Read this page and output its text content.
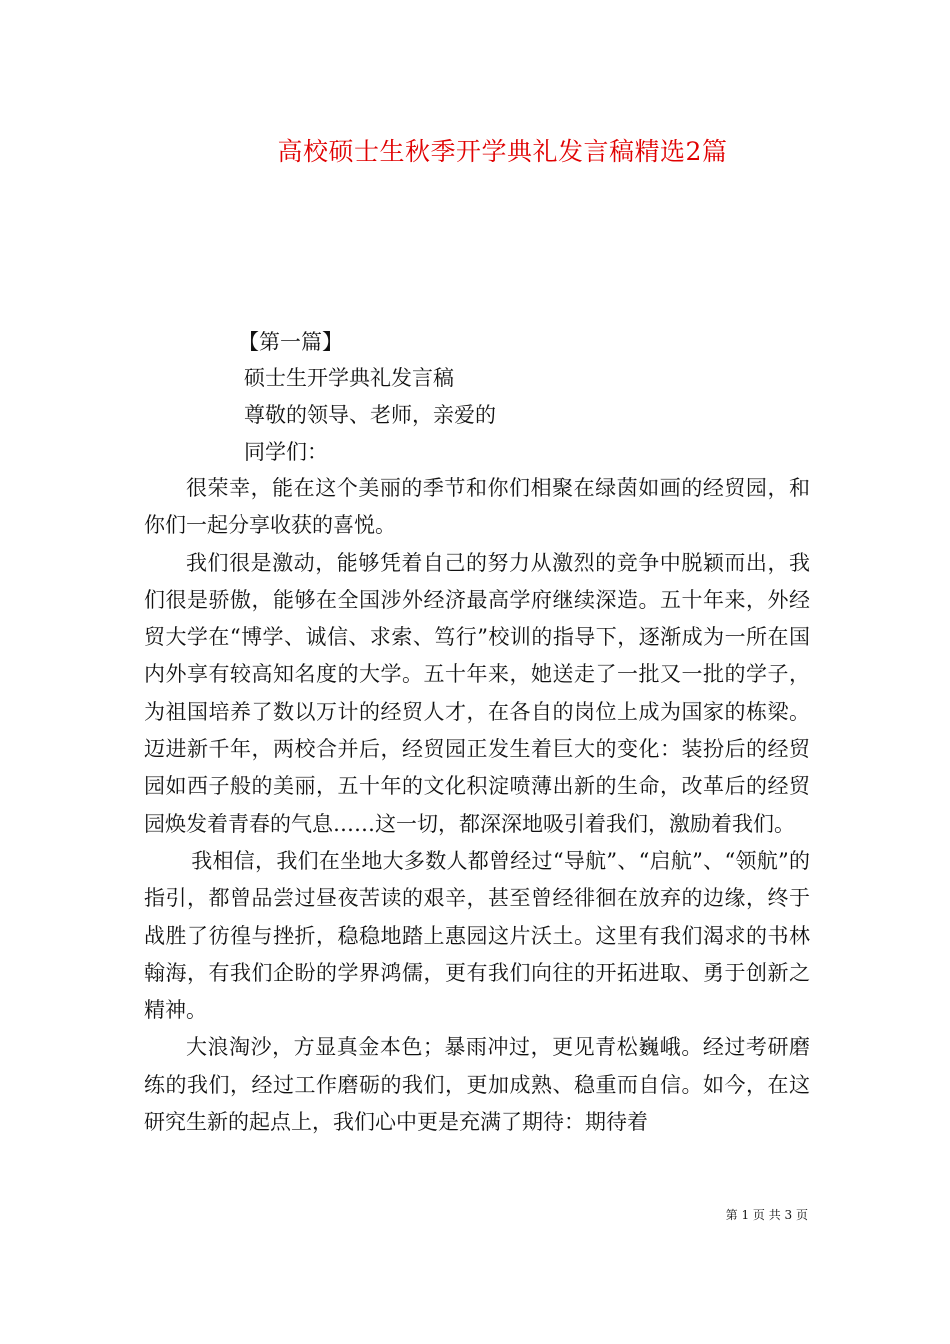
高校硕士生秋季开学典礼发言稿精选2篇
【第一篇】
硕士生开学典礼发言稿
尊敬的领导、老师，亲爱的
同学们：

很荣幸，能在这个美丽的季节和你们相聚在绿茵如画的经贸园，和你们一起分享收获的喜悦。

我们很是激动，能够凭着自己的努力从激烈的竞争中脱颖而出，我们很是骄傲，能够在全国涉外经济最高学府继续深造。五十年来，外经贸大学在“博学、诚信、求索、笃行”校训的指导下，逐渐成为一所在国内外享有较高知名度的大学。五十年来，她送走了一批又一批的学子，为祖国培养了数以万计的经贸人才，在各自的岗位上成为国家的栋梁。迈进新千年，两校合并后，经贸园正发生着巨大的变化：装扮后的经贸园如西子般的美丽，五十年的文化积淀喷薄出新的生命，改革后的经贸园焕发着青春的气息……这一切，都深深地吸引着我们，激励着我们。

我相信，我们在坐地大多数人都曾经过“导航”、“启航”、“领航”的指引，都曾品尝过昼夜苦读的艰辛，甚至曾经徘徊在放弃的边缘，终于战胜了彷徨与挫折，稳稳地踏上惠园这片沃土。这里有我们渴求的书林翰海，有我们企盼的学界鸿儒，更有我们向往的开拓进取、勇于创新之精神。

大浪淘沙，方显真金本色；暴雨冲过，更见青松巍峨。经过考研磨练的我们，经过工作磨砺的我们，更加成熟、稳重而自信。如今，在这研究生新的起点上，我们心中更是充满了期待：期待着

第 1 页 共 3 页
